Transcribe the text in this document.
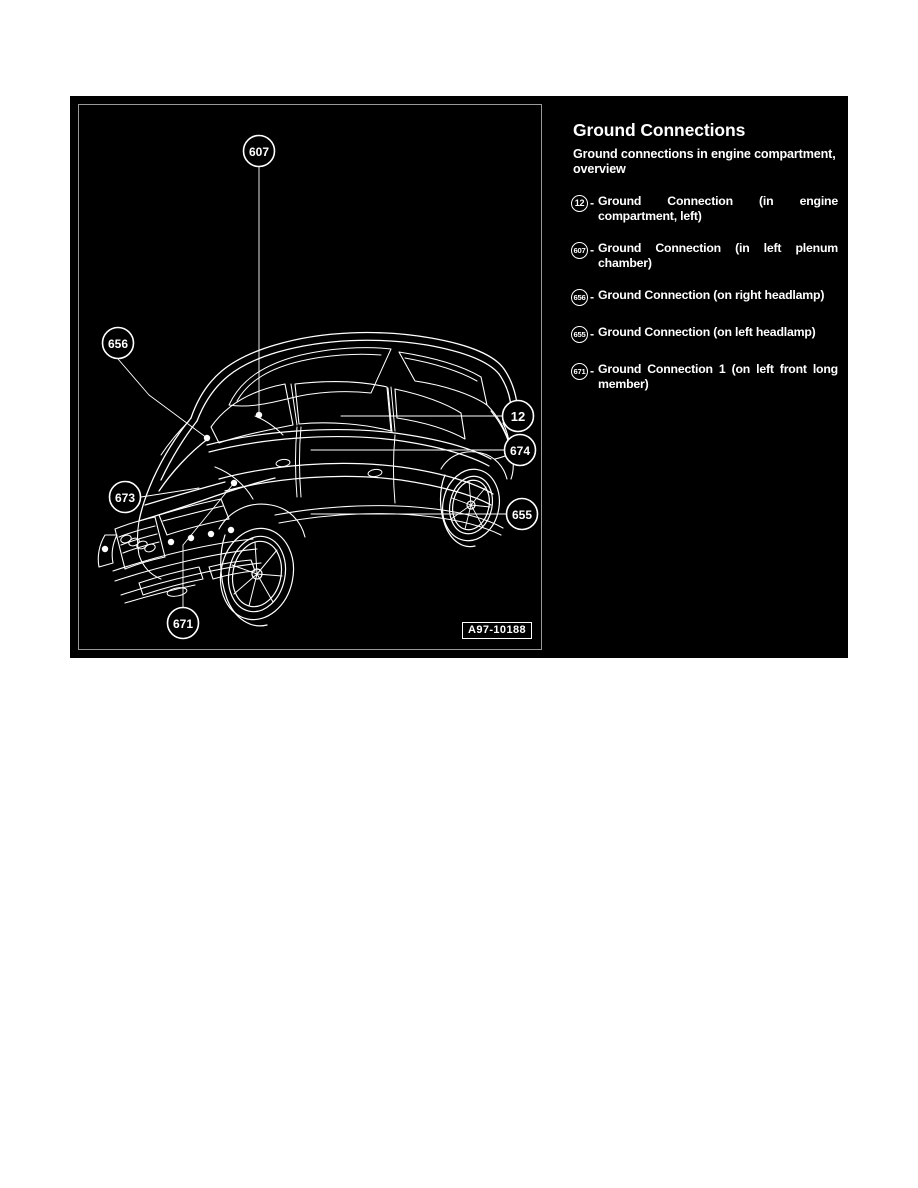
607
656
12
674
673
655
671	A97-10188
Ground Connections
Ground connections in engine compartment, overview
12 - Ground Connection (in engine compartment, left)
607 - Ground Connection (in left plenum chamber)
656 - Ground Connection (on right headlamp)
655 - Ground Connection (on left headlamp)
671 - Ground Connection 1 (on left front long member)
